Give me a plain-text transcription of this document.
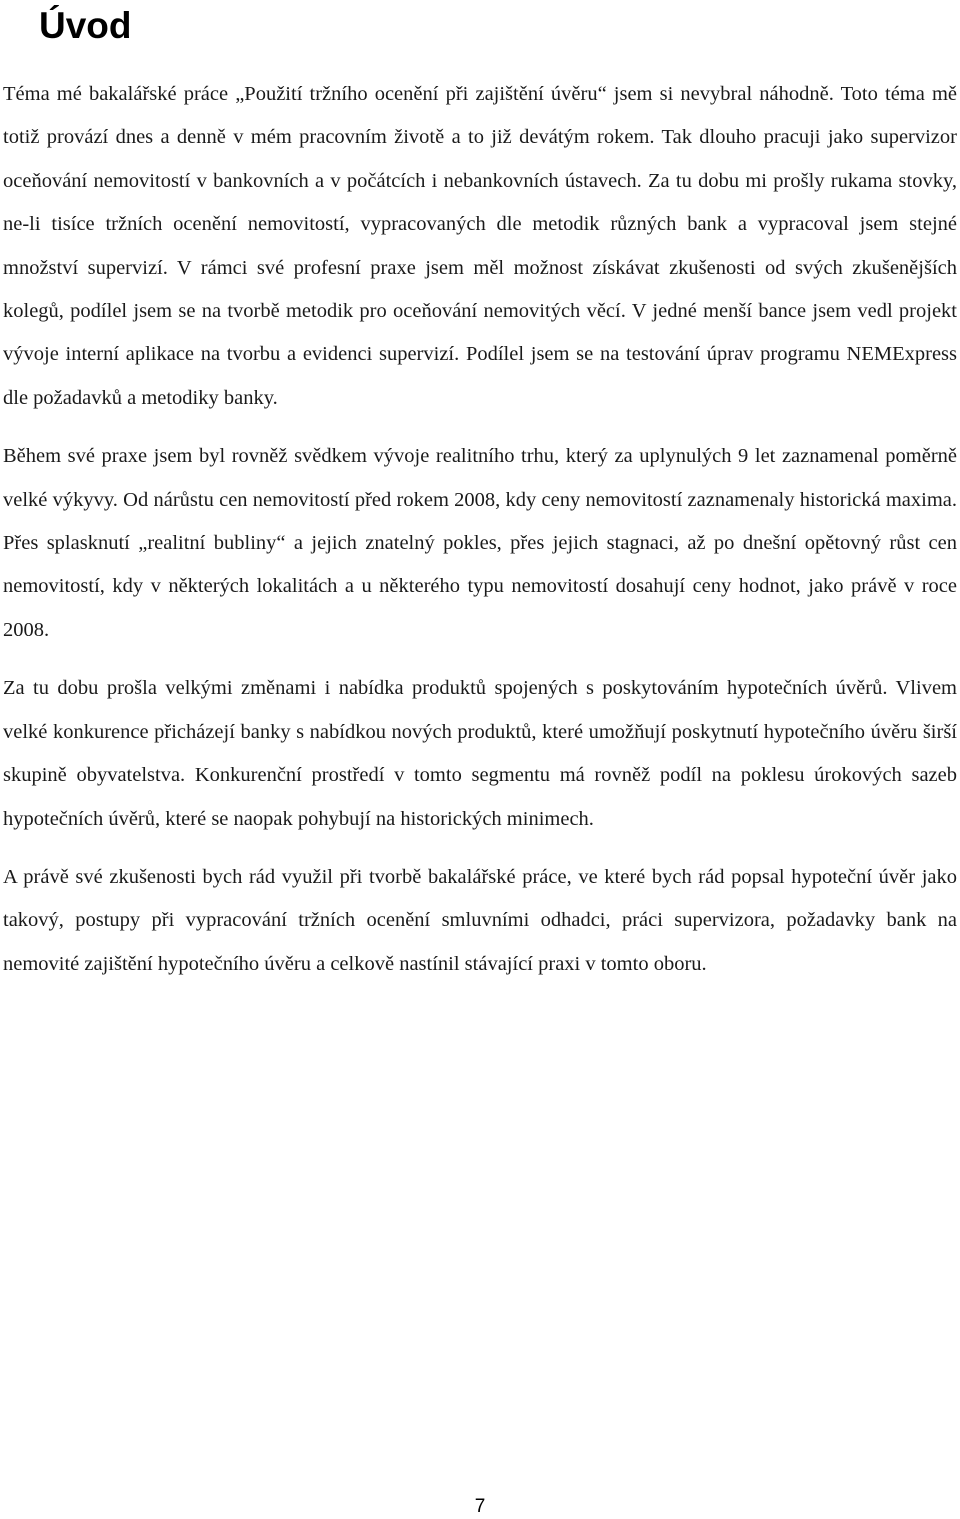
Úvod

Téma mé bakalářské práce „Použití tržního ocenění při zajištění úvěru“ jsem si nevybral náhodně. Toto téma mě totiž provází dnes a denně v mém pracovním životě a to již devátým rokem. Tak dlouho pracuji jako supervizor oceňování nemovitostí v bankovních a v počátcích i nebankovních ústavech. Za tu dobu mi prošly rukama stovky, ne-li tisíce tržních ocenění nemovitostí, vypracovaných dle metodik různých bank a vypracoval jsem stejné množství supervizí. V rámci své profesní praxe jsem měl možnost získávat zkušenosti od svých zkušenějších kolegů, podílel jsem se na tvorbě metodik pro oceňování nemovitých věcí. V jedné menší bance jsem vedl projekt vývoje interní aplikace na tvorbu a evidenci supervizí. Podílel jsem se na testování úprav programu NEMExpress dle požadavků a metodiky banky.

Během své praxe jsem byl rovněž svědkem vývoje realitního trhu, který za uplynulých 9 let zaznamenal poměrně velké výkyvy. Od nárůstu cen nemovitostí před rokem 2008, kdy ceny nemovitostí zaznamenaly historická maxima. Přes splasknutí „realitní bubliny“ a jejich znatelný pokles, přes jejich stagnaci, až po dnešní opětovný růst cen nemovitostí, kdy v některých lokalitách a u některého typu nemovitostí dosahují ceny hodnot, jako právě v roce 2008.

Za tu dobu prošla velkými změnami i nabídka produktů spojených s poskytováním hypotečních úvěrů. Vlivem velké konkurence přicházejí banky s nabídkou nových produktů, které umožňují poskytnutí hypotečního úvěru širší skupině obyvatelstva. Konkurenční prostředí v tomto segmentu má rovněž podíl na poklesu úrokových sazeb hypotečních úvěrů, které se naopak pohybují na historických minimech.

A právě své zkušenosti bych rád využil při tvorbě bakalářské práce, ve které bych rád popsal hypoteční úvěr jako takový, postupy při vypracování tržních ocenění smluvními odhadci, práci supervizora, požadavky bank na nemovité zajištění hypotečního úvěru a celkově nastínil stávající praxi v tomto oboru.

7
